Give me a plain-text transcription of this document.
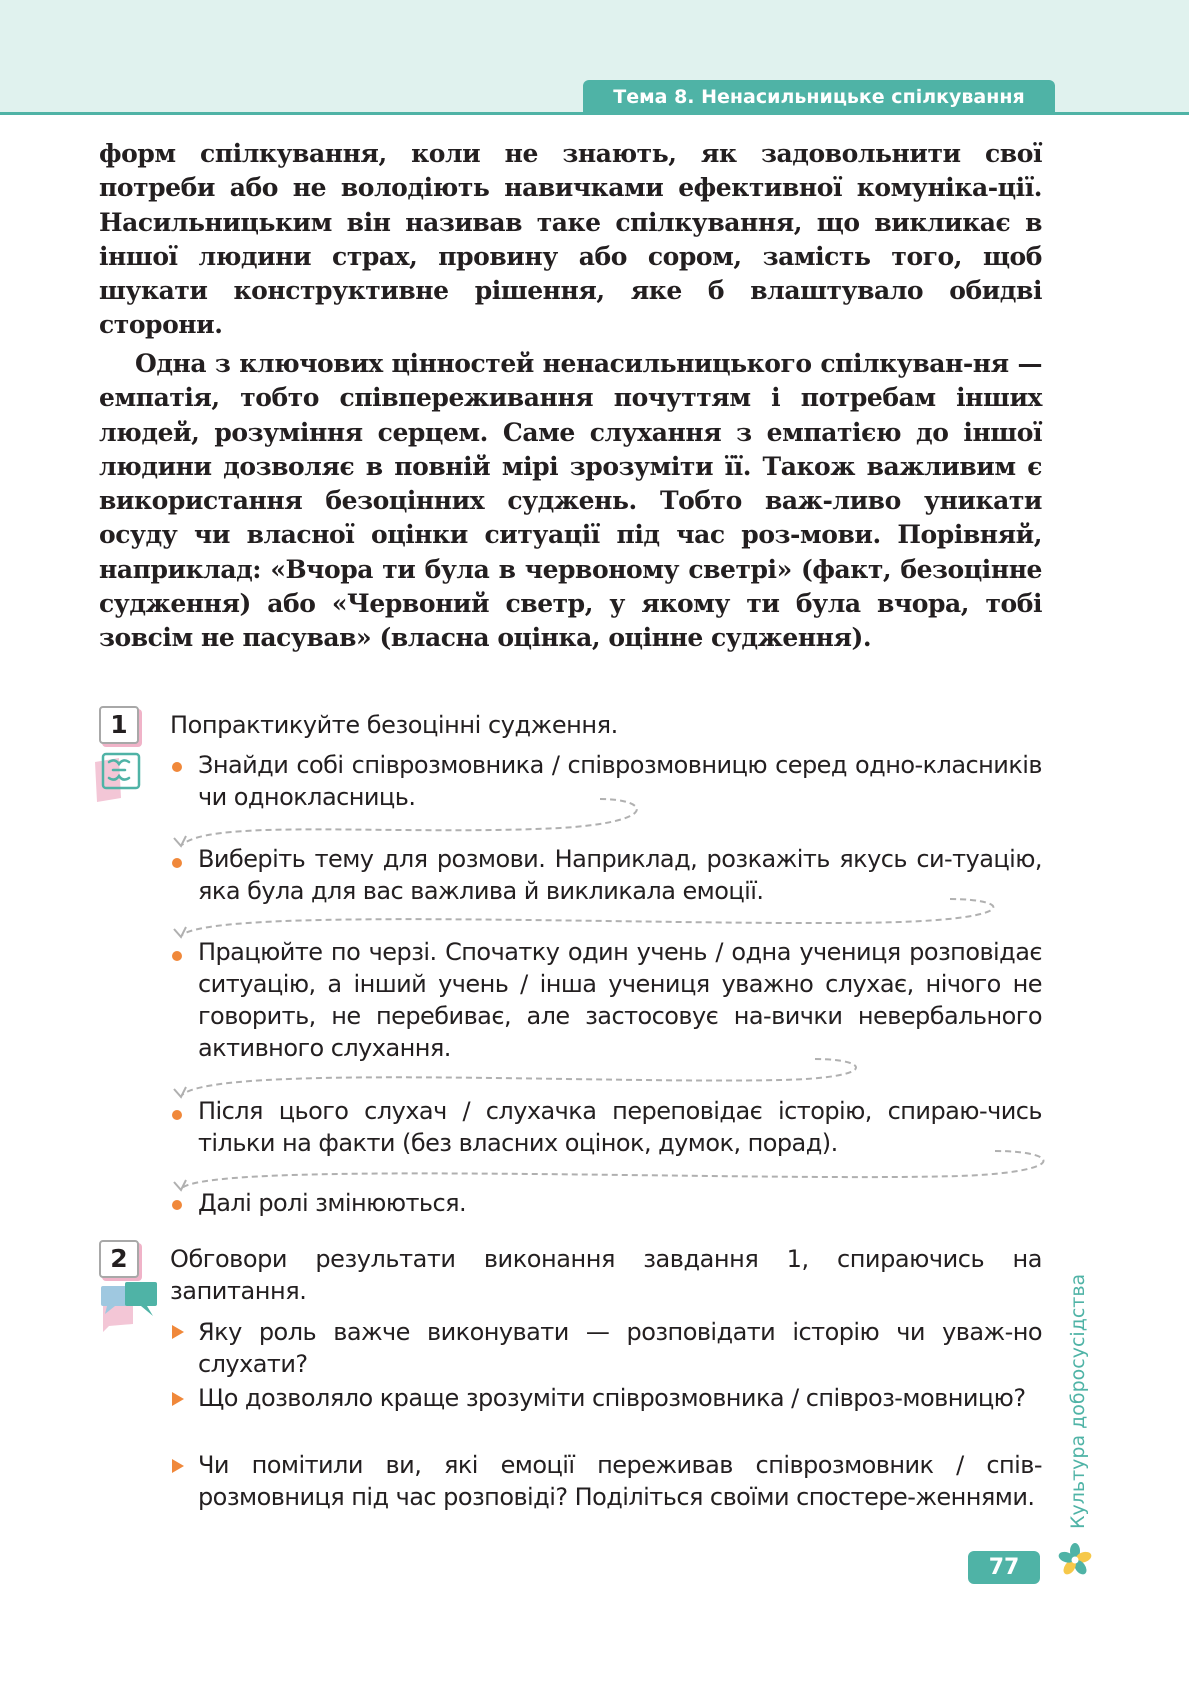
Тема 8. Ненасильницьке спілкування

форм спілкування, коли не знають, як задовольнити свої потреби або не володіють навичками ефективної комуніка-ції. Насильницьким він називав таке спілкування, що викликає в іншої людини страх, провину або сором, замість того, щоб шукати конструктивне рішення, яке б влаштувало обидві сторони.

Одна з ключових цінностей ненасильницького спілкуван-ня — емпатія, тобто співпереживання почуттям і потребам інших людей, розуміння серцем. Саме слухання з емпатією до іншої людини дозволяє в повній мірі зрозуміти її. Також важливим є використання безоцінних суджень. Тобто важ-ливо уникати осуду чи власної оцінки ситуації під час роз-мови. Порівняй, наприклад: «Вчора ти була в червоному светрі» (факт, безоцінне судження) або «Червоний светр, у якому ти була вчора, тобі зовсім не пасував» (власна оцінка, оцінне судження).

1	Попрактикуйте безоцінні судження.

Знайди собі співрозмовника / співрозмовницю серед одно-класників чи однокласниць.

Виберіть тему для розмови. Наприклад, розкажіть якусь си-туацію, яка була для вас важлива й викликала емоції.

Працюйте по черзі. Спочатку один учень / одна учениця розповідає ситуацію, а інший учень / інша учениця уважно слухає, нічого не говорить, не перебиває, але застосовує на-вички невербального активного слухання.

Після цього слухач / слухачка переповідає історію, спираю-чись тільки на факти (без власних оцінок, думок, порад).

Далі ролі змінюються.

2	Обговори результати виконання завдання 1, спираючись на запитання.

Яку роль важче виконувати — розповідати історію чи уваж-но слухати?

Що дозволяло краще зрозуміти співрозмовника / співроз-мовницю?

Чи помітили ви, які емоції переживав співрозмовник / спів-розмовниця під час розповіді? Поділіться своїми спостере-женнями.	Культура добросусідства
77
